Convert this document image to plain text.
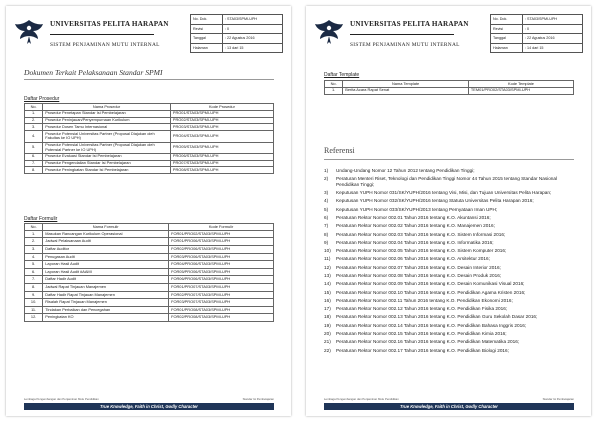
UNIVERSITAS PELITA HARAPAN
SISTEM PENJAMINAN MUTU INTERNAL
No. Dok.	: STA03/SPMI-UPH
Revisi	: 0
Tanggal	: 22 Agustus 2016
Halaman	: 13 dari 15
Dokumen Terkait Pelaksanaan Standar SPMI
Daftar Prosedur
No.	Nama Prosedur	Kode Prosedur
1.	Prosedur Penetapan Standar Isi Pembelajaran	PRO01/STA03/SPMI-UPH
2.	Prosedur Peninjauan/Penyempurnaan Kurikulum	PRO02/STA03/SPMI-UPH
3.	Prosedur Dosen Tamu Internasional	PRO03/STA03/SPMI-UPH
4.	Prosedur Potensial Universitas Partner (Proposal Diajukan oleh Fakultas ke IO UPH)	PRO04/STA03/SPMI-UPH
5.	Prosedur Potensial Universitas Partner (Proposal Diajukan oleh Potensial Partner ke IO UPH)	PRO05/STA03/SPMI-UPH
6.	Prosedur Evaluasi Standar Isi Pembelajaran	PRO06/STA03/SPMI-UPH
7.	Prosedur Pengendalian Standar Isi Pembelajaran	PRO07/STA03/SPMI-UPH
8.	Prosedur Peningkatan Standar Isi Pembelajaran	PRO08/STA03/SPMI-UPH
Daftar Formulir
No.	Nama Formulir	Kode Formulir
1.	Masukan Rancangan Kurikulum Operasional	FOR01/PRO02/STA03/SPMI-UPH
2.	Jadwal Pelaksanaan Audit	FOR01/PRO06/STA03/SPMI-UPH
3.	Daftar Auditor	FOR02/PRO06/STA03/SPMI-UPH
4.	Penugasan Audit	FOR03/PRO06/STA03/SPMI-UPH
5.	Laporan Hasil Audit	FOR04/PRO06/STA03/SPMI-UPH
6.	Laporan Hasil Audit #AAMI	FOR05/PRO06/STA03/SPMI-UPH
7.	Daftar Hadir Audit	FOR06/PRO06/STA03/SPMI-UPH
8.	Jadwal Rapat Tinjauan Manajemen	FOR01/PRO07/STA03/SPMI-UPH
9.	Daftar Hadir Rapat Tinjauan Manajemen	FOR02/PRO07/STA03/SPMI-UPH
10.	Risalah Rapat Tinjauan Manajemen	FOR03/PRO07/STA03/SPMI-UPH
11.	Tindakan Perbaikan dan Pencegahan	FOR01/PRO08/STA03/SPMI-UPH
12.	Peningkatan KO	FOR02/PRO08/STA03/SPMI-UPH
Lembaga Pengembangan dan Penjaminan Mutu Pendidikan	Standar Isi Pembelajaran
True Knowledge, Faith in Christ, Godly Character
UNIVERSITAS PELITA HARAPAN
SISTEM PENJAMINAN MUTU INTERNAL
No. Dok.	: STA03/SPMI-UPH
Revisi	: 0
Tanggal	: 22 Agustus 2016
Halaman	: 14 dari 15
Daftar Template
No.	Nama Template	Kode Template
1.	Berita Acara Rapat Senat	TEM01/PRO02/STA03/SPMI-UPH
Referensi
1) Undang-Undang Nomor 12 Tahun 2012 tentang Pendidikan Tinggi;
2) Peraturan Menteri Riset, Teknologi dan Pendidikan Tinggi Nomor 44 Tahun 2015 tentang Standar Nasional Pendidikan Tinggi;
3) Keputusan YUPH Nomor 031/SK/YUPH/2016 tentang Visi, Misi, dan Tujuan Universitas Pelita Harapan;
4) Keputusan YUPH Nomor 032/SK/YUPH/2016 tentang Statuta Universitas Pelita Harapan 2016;
5) Keputusan YUPH Nomor 033/SK/YUPH/2013 tentang Pernyataan Iman UPH;
6) Peraturan Rektor Nomor 002.01 Tahun 2016 tentang K.O. Akuntansi 2016;
7) Peraturan Rektor Nomor 002.02 Tahun 2016 tentang K.O. Manajemen 2016;
8) Peraturan Rektor Nomor 002.03 Tahun 2016 tentang K.O. Sistem Informasi 2016;
9) Peraturan Rektor Nomor 002.04 Tahun 2016 tentang K.O. Informatika 2016;
10) Peraturan Rektor Nomor 002.05 Tahun 2016 tentang K.O. Sistem Komputer 2016;
11) Peraturan Rektor Nomor 002.06 Tahun 2016 tentang K.O. Arsitektur 2016;
12) Peraturan Rektor Nomor 002.07 Tahun 2016 tentang K.O. Desain Interior 2016;
13) Peraturan Rektor Nomor 002.08 Tahun 2016 tentang K.O. Desain Produk 2016;
14) Peraturan Rektor Nomor 002.09 Tahun 2016 tentang K.O. Desain Komunikasi Visual 2016;
15) Peraturan Rektor Nomor 002.10 Tahun 2016 tentang K.O. Pendidikan Agama Kristen 2016;
16) Peraturan Rektor Nomor 002.11 Tahun 2016 tentang K.O. Pendidikan Ekonomi 2016;
17) Peraturan Rektor Nomor 002.12 Tahun 2016 tentang K.O. Pendidikan Fisika 2016;
18) Peraturan Rektor Nomor 002.13 Tahun 2016 tentang K.O. Pendidikan Guru Sekolah Dasar 2016;
19) Peraturan Rektor Nomor 002.14 Tahun 2016 tentang K.O. Pendidikan Bahasa Inggris 2016;
20) Peraturan Rektor Nomor 002.15 Tahun 2016 tentang K.O. Pendidikan Kimia 2016;
21) Peraturan Rektor Nomor 002.16 Tahun 2016 tentang K.O. Pendidikan Matematika 2016;
22) Peraturan Rektor Nomor 002.17 Tahun 2016 tentang K.O. Pendidikan Biologi 2016;
Lembaga Pengembangan dan Penjaminan Mutu Pendidikan	Standar Isi Pembelajaran
True Knowledge, Faith in Christ, Godly Character
